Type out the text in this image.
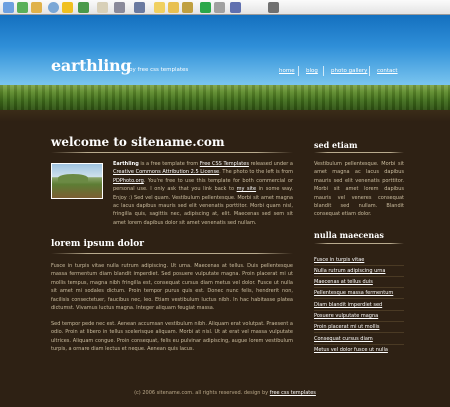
earthling
by free css templates	home blog photo gallery contact
welcome to sitename.com
Earthling is a free template from Free CSS Templates released under a Creative Commons Attribution 2.5 License. The photo to the left is from PDPhoto.org. You're free to use this template for both commercial or personal use. I only ask that you link back to my site in some way. Enjoy :) Sed vel quam. Vestibulum pellentesque. Morbi sit amet magna ac lacus dapibus mauris sed elit venenatis porttitor. Morbi quam nisl, fringilla quis, sagittis nec, adipiscing at, elit. Maecenas sed sem sit amet lorem dapibus dolor sit amet venenatis sed nullam.
lorem ipsum dolor
Fusce in turpis vitae nulla rutrum adipiscing. Ut urna. Maecenas at tellus. Duis pellentesque massa fermentum diam blandit imperdiet. Sed posuere vulputate magna. Proin placerat mi ut mollis tempus, magna nibh fringilla est, consequat cursus diam metus vel dolor. Fusce ut nulla sit amet mi sodales dictum. Proin tempor purus quis est. Donec nunc felis, hendrerit non, facilisis consectetuer, faucibus nec, leo. Etiam vestibulum luctus nibh. In hac habitasse platea dictumst. Vivamus luctus magna. Integer aliquam feugiat massa.
Sed tempor pede nec est. Aenean accumsan vestibulum nibh. Aliquam erat volutpat. Praesent a odio. Proin at libero in tellus scelerisque aliquam. Morbi at nisl. Ut at erat vel massa vulputate ultrices. Aliquam congue. Proin consequat, felis eu pulvinar adipiscing, augue lorem vestibulum turpis, a ornare diam lectus et neque. Aenean quis lacus.
sed etiam
Vestibulum pellentesque. Morbi sit amet magna ac lacus dapibus mauris sed elit venenatis porttitor. Morbi sit amet lorem dapibus mauris vel veneres consequat blandit sed nullam. Blandit consequat etiam dolor.
nulla maecenas
Fusce in turpis vitae
Nulla rutrum adipiscing urna
Maecenas at tellus duis
Pellentesque massa fermentum
Diam blandit imperdiet sed
Posuere vulputate magna
Proin placerat mi ut mollis
Consequat cursus diam
Metus vel dolor fusce ut nulla
(c) 2006 sitename.com. all rights reserved. design by free css templates
